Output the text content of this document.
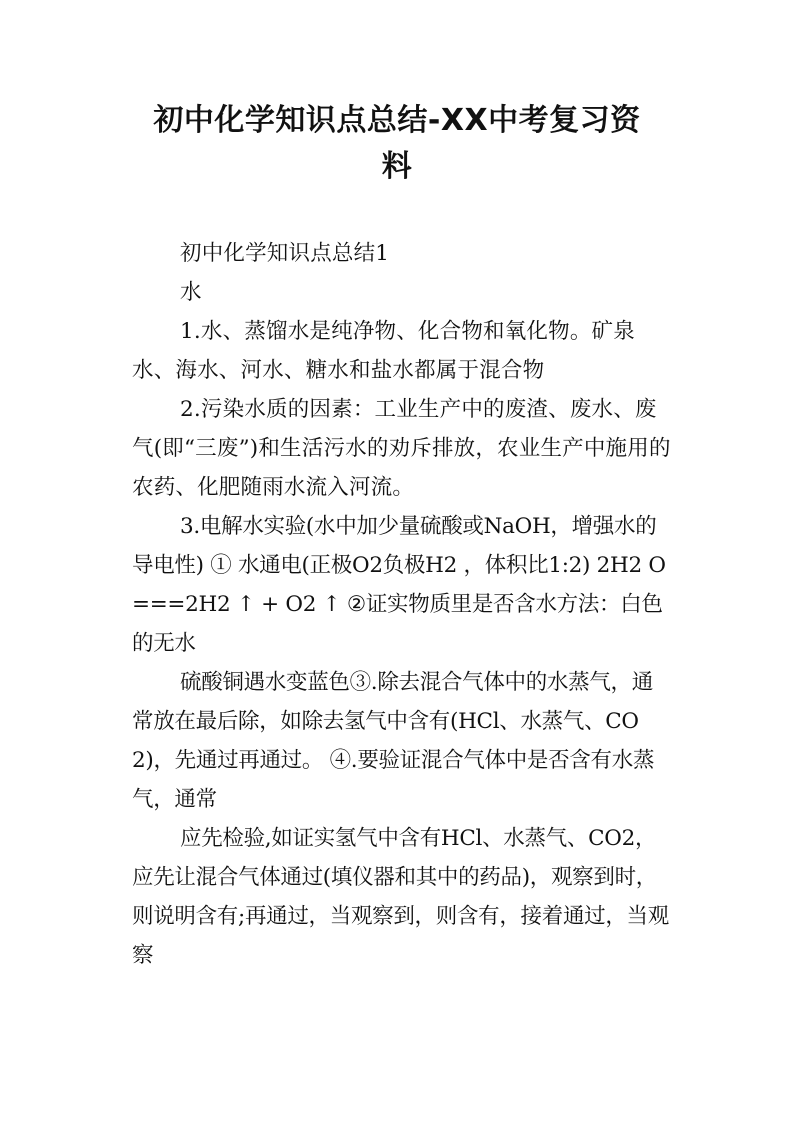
初中化学知识点总结-XX中考复习资
料

初中化学知识点总结1

水

1.水、蒸馏水是纯净物、化合物和氧化物。矿泉水、海水、河水、糖水和盐水都属于混合物

2.污染水质的因素：工业生产中的废渣、废水、废气(即“三废”)和生活污水的劝斥排放，农业生产中施用的农药、化肥随雨水流入河流。

3.电解水实验(水中加少量硫酸或NaOH，增强水的导电性) ① 水通电(正极O2负极H2 ，体积比1:2) 2H2 O===2H2 ↑ + O2 ↑ ②证实物质里是否含水方法：白色的无水

硫酸铜遇水变蓝色③.除去混合气体中的水蒸气，通常放在最后除，如除去氢气中含有(HCl、水蒸气、CO2)，先通过再通过。 ④.要验证混合气体中是否含有水蒸气，通常

应先检验,如证实氢气中含有HCl、水蒸气、CO2，应先让混合气体通过(填仪器和其中的药品)，观察到时，则说明含有;再通过，当观察到，则含有，接着通过，当观察
